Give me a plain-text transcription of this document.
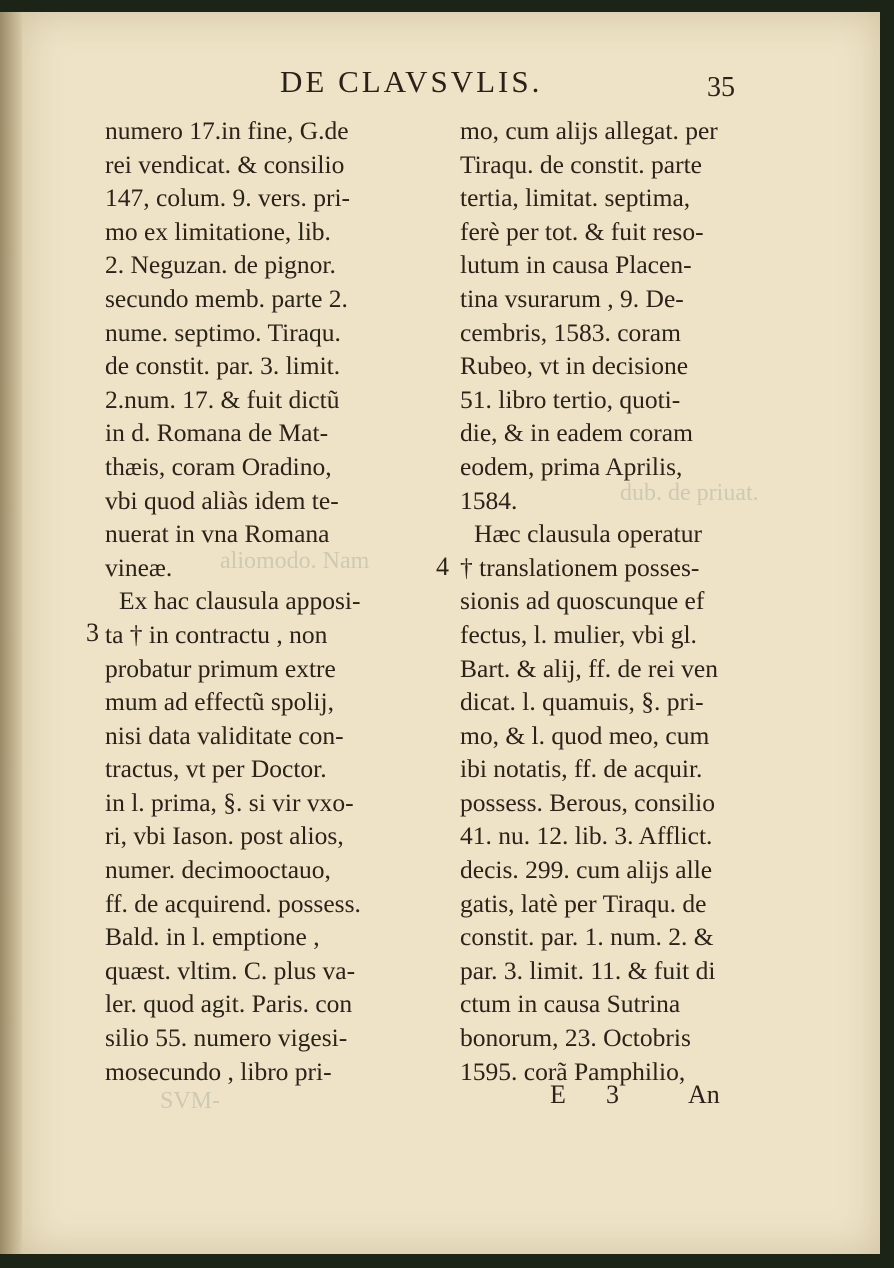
dub. de priuat.
aliomodo. Nam
SVM-
DE CLAVSVLIS.	35
numero 17.in fine, G.de
rei vendicat. & consilio
147, colum. 9. vers. pri-
mo ex limitatione, lib.
2. Neguzan. de pignor.
secundo memb. parte 2.
nume. septimo. Tiraqu.
de constit. par. 3. limit.
2.num. 17. & fuit dictũ
in d. Romana de Mat-
thæis, coram Oradino,
vbi quod aliàs idem te-
nuerat in vna Romana
vineæ.
Ex hac clausula apposi-
ta † in contractu , non
probatur primum extre
mum ad effectũ spolij,
nisi data validitate con-
tractus, vt per Doctor.
in l. prima, §. si vir vxo-
ri, vbi Iason. post alios,
numer. decimooctauo,
ff. de acquirend. possess.
Bald. in l. emptione ,
quæst. vltim. C. plus va-
ler. quod agit. Paris. con
silio 55. numero vigesi-
mosecundo , libro pri-
mo, cum alijs allegat. per
Tiraqu. de constit. parte
tertia, limitat. septima,
ferè per tot. & fuit reso-
lutum in causa Placen-
tina vsurarum , 9. De-
cembris, 1583. coram
Rubeo, vt in decisione
51. libro tertio, quoti-
die, & in eadem coram
eodem, prima Aprilis,
1584.
Hæc clausula operatur
† translationem posses-
sionis ad quoscunque ef
fectus, l. mulier, vbi gl.
Bart. & alij, ff. de rei ven
dicat. l. quamuis, §. pri-
mo, & l. quod meo, cum
ibi notatis, ff. de acquir.
possess. Berous, consilio
41. nu. 12. lib. 3. Afflict.
decis. 299. cum alijs alle
gatis, latè per Tiraqu. de
constit. par. 1. num. 2. &
par. 3. limit. 11. & fuit di
ctum in causa Sutrina
bonorum, 23. Octobris
1595. corã Pamphilio,
3
4
E 3	An
